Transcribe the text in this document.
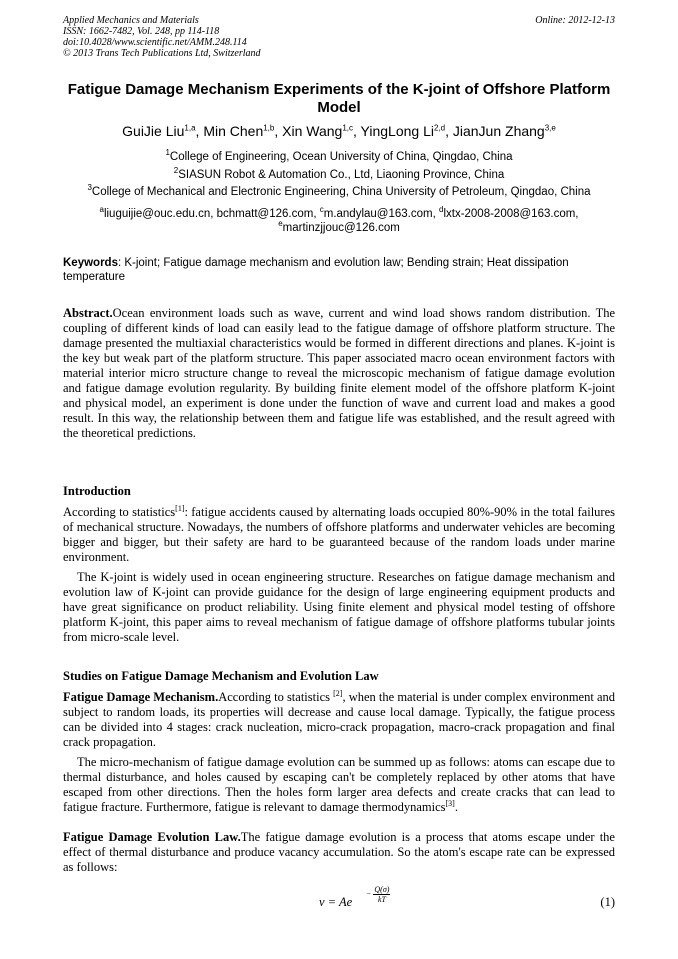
Applied Mechanics and Materials
ISSN: 1662-7482, Vol. 248, pp 114-118
doi:10.4028/www.scientific.net/AMM.248.114
© 2013 Trans Tech Publications Ltd, Switzerland
Online: 2012-12-13
Fatigue Damage Mechanism Experiments of the K-joint of Offshore Platform Model
GuiJie Liu$^{1,a}$, Min Chen$^{1,b}$, Xin Wang$^{1,c}$, YingLong Li$^{2,d}$, JianJun Zhang$^{3,e}$
$^1$College of Engineering, Ocean University of China, Qingdao, China
$^2$SIASUN Robot & Automation Co., Ltd, Liaoning Province, China
$^3$College of Mechanical and Electronic Engineering, China University of Petroleum, Qingdao, China
$^a$liuguijie@ouc.edu.cn, bchmatt@126.com, $^c$m.andylau@163.com, $^d$lxtx-2008-2008@163.com,
$^e$martinzjjouc@126.com
Keywords: K-joint; Fatigue damage mechanism and evolution law; Bending strain; Heat dissipation temperature
Abstract.Ocean environment loads such as wave, current and wind load shows random distribution. The coupling of different kinds of load can easily lead to the fatigue damage of offshore platform structure. The damage presented the multiaxial characteristics would be formed in different directions and planes. K-joint is the key but weak part of the platform structure. This paper associated macro ocean environment factors with material interior micro structure change to reveal the microscopic mechanism of fatigue damage evolution and fatigue damage evolution regularity. By building finite element model of the offshore platform K-joint and physical model, an experiment is done under the function of wave and current load and makes a good result. In this way, the relationship between them and fatigue life was established, and the result agreed with the theoretical predictions.
Introduction
According to statistics[1]: fatigue accidents caused by alternating loads occupied 80%-90% in the total failures of mechanical structure. Nowadays, the numbers of offshore platforms and underwater vehicles are becoming bigger and bigger, but their safety are hard to be guaranteed because of the random loads under marine environment.
The K-joint is widely used in ocean engineering structure. Researches on fatigue damage mechanism and evolution law of K-joint can provide guidance for the design of large engineering equipment products and have great significance on product reliability. Using finite element and physical model testing of offshore platform K-joint, this paper aims to reveal mechanism of fatigue damage of offshore platforms tubular joints from micro-scale level.
Studies on Fatigue Damage Mechanism and Evolution Law
Fatigue Damage Mechanism.According to statistics [2], when the material is under complex environment and subject to random loads, its properties will decrease and cause local damage. Typically, the fatigue process can be divided into 4 stages: crack nucleation, micro-crack propagation, macro-crack propagation and final crack propagation.
The micro-mechanism of fatigue damage evolution can be summed up as follows: atoms can escape due to thermal disturbance, and holes caused by escaping can't be completely replaced by other atoms that have escaped from other directions. Then the holes form larger area defects and create cracks that can lead to fatigue fracture. Furthermore, fatigue is relevant to damage thermodynamics[3].
Fatigue Damage Evolution Law.The fatigue damage evolution is a process that atoms escape under the effect of thermal disturbance and produce vacancy accumulation. So the atom's escape rate can be expressed as follows:
v = Ae
− $\frac{Q(\sigma)}{kT}$	(1)
